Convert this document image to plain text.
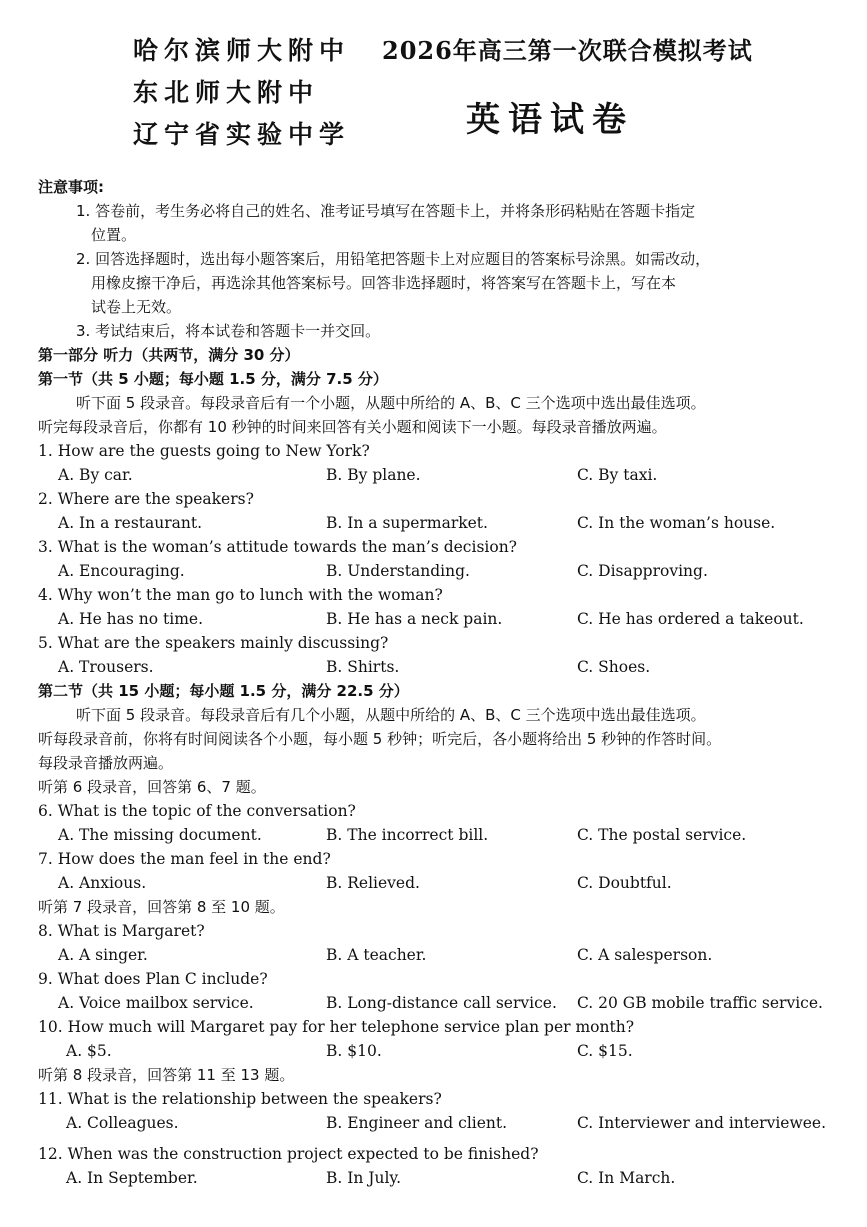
哈尔滨师大附中
东北师大附中
辽宁省实验中学
2026年高三第一次联合模拟考试
英语试卷
注意事项:
1. 答卷前，考生务必将自己的姓名、准考证号填写在答题卡上，并将条形码粘贴在答题卡指定
位置。
2. 回答选择题时，选出每小题答案后，用铅笔把答题卡上对应题目的答案标号涂黑。如需改动，
用橡皮擦干净后，再选涂其他答案标号。回答非选择题时，将答案写在答题卡上，写在本
试卷上无效。
3. 考试结束后，将本试卷和答题卡一并交回。
第一部分 听力（共两节，满分 30 分）
第一节（共 5 小题；每小题 1.5 分，满分 7.5 分）
听下面 5 段录音。每段录音后有一个小题，从题中所给的 A、B、C 三个选项中选出最佳选项。
听完每段录音后，你都有 10 秒钟的时间来回答有关小题和阅读下一小题。每段录音播放两遍。
1. How are the guests going to New York?
A. By car.	B. By plane.	C. By taxi.
2. Where are the speakers?
A. In a restaurant.	B. In a supermarket.	C. In the woman’s house.
3. What is the woman’s attitude towards the man’s decision?
A. Encouraging.	B. Understanding.	C. Disapproving.
4. Why won’t the man go to lunch with the woman?
A. He has no time.	B. He has a neck pain.	C. He has ordered a takeout.
5. What are the speakers mainly discussing?
A. Trousers.	B. Shirts.	C. Shoes.
第二节（共 15 小题；每小题 1.5 分，满分 22.5 分）
听下面 5 段录音。每段录音后有几个小题，从题中所给的 A、B、C 三个选项中选出最佳选项。
听每段录音前，你将有时间阅读各个小题，每小题 5 秒钟；听完后，各小题将给出 5 秒钟的作答时间。
每段录音播放两遍。
听第 6 段录音，回答第 6、7 题。
6. What is the topic of the conversation?
A. The missing document.	B. The incorrect bill.	C. The postal service.
7. How does the man feel in the end?
A. Anxious.	B. Relieved.	C. Doubtful.
听第 7 段录音，回答第 8 至 10 题。
8. What is Margaret?
A. A singer.	B. A teacher.	C. A salesperson.
9. What does Plan C include?
A. Voice mailbox service.	B. Long-distance call service. C. 20 GB mobile traffic service.
10. How much will Margaret pay for her telephone service plan per month?
A. $5.	B. $10.	C. $15.
听第 8 段录音，回答第 11 至 13 题。
11. What is the relationship between the speakers?
A. Colleagues.	B. Engineer and client.	C. Interviewer and interviewee.
12. When was the construction project expected to be finished?
A. In September.	B. In July.	C. In March.
